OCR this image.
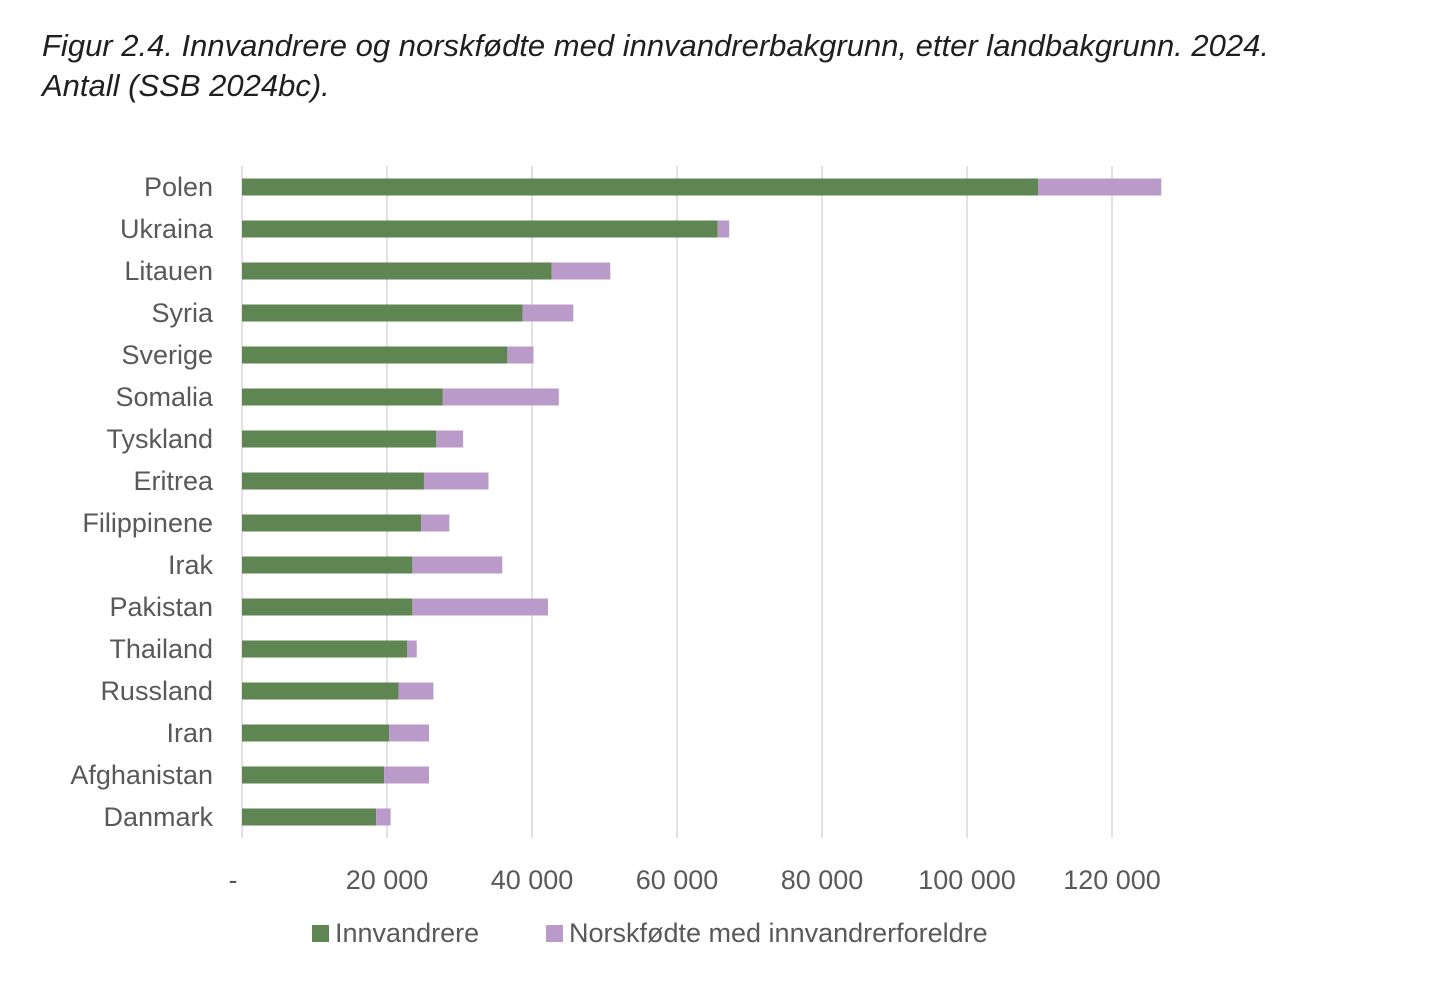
Figur 2.4. Innvandrere og norskfødte med innvandrerbakgrunn, etter landbakgrunn. 2024.
Antall (SSB 2024bc).
-	20 000 40 000 60 000 80 000 100 000 120 000
Polen
Ukraina
Litauen
Syria
Sverige
Somalia
Tyskland
Eritrea
Filippinene
Irak
Pakistan
Thailand
Russland
Iran
Afghanistan
Danmark
Innvandrere	Norskfødte med innvandrerforeldre
